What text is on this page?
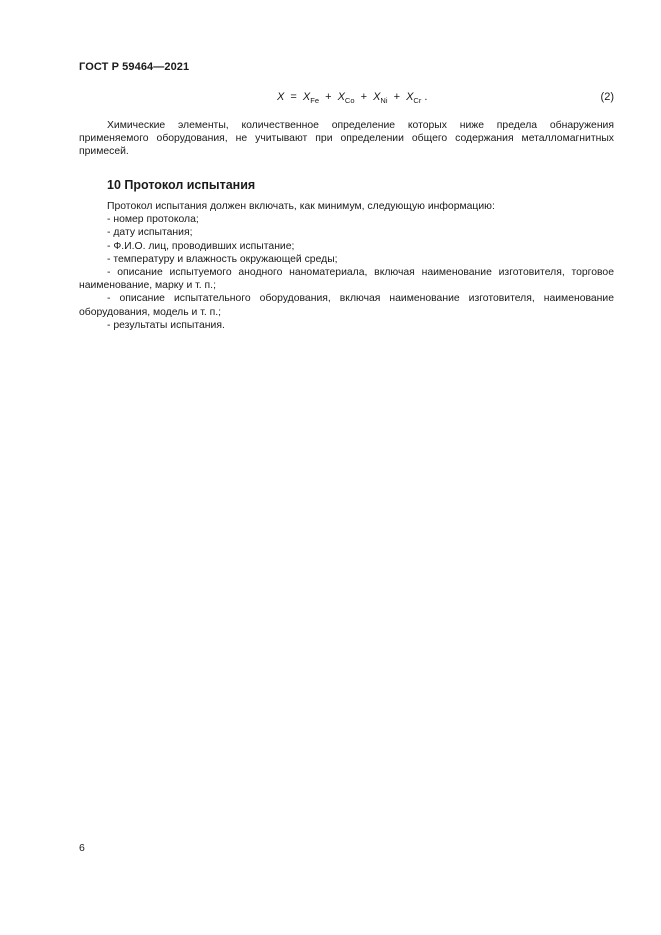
ГОСТ Р 59464—2021
$X = X_{Fe} + X_{Co} + X_{Ni} + X_{Cr}$ .	(2)

Химические элементы, количественное определение которых ниже предела обнаружения применяемого оборудования, не учитывают при определении общего содержания металломагнитных примесей.

10 Протокол испытания

Протокол испытания должен включать, как минимум, следующую информацию:

- номер протокола;

- дату испытания;

- Ф.И.О. лиц, проводивших испытание;

- температуру и влажность окружающей среды;

- описание испытуемого анодного наноматериала, включая наименование изготовителя, торговое наименование, марку и т. п.;

- описание испытательного оборудования, включая наименование изготовителя, наименование оборудования, модель и т. п.;

- результаты испытания.

6
